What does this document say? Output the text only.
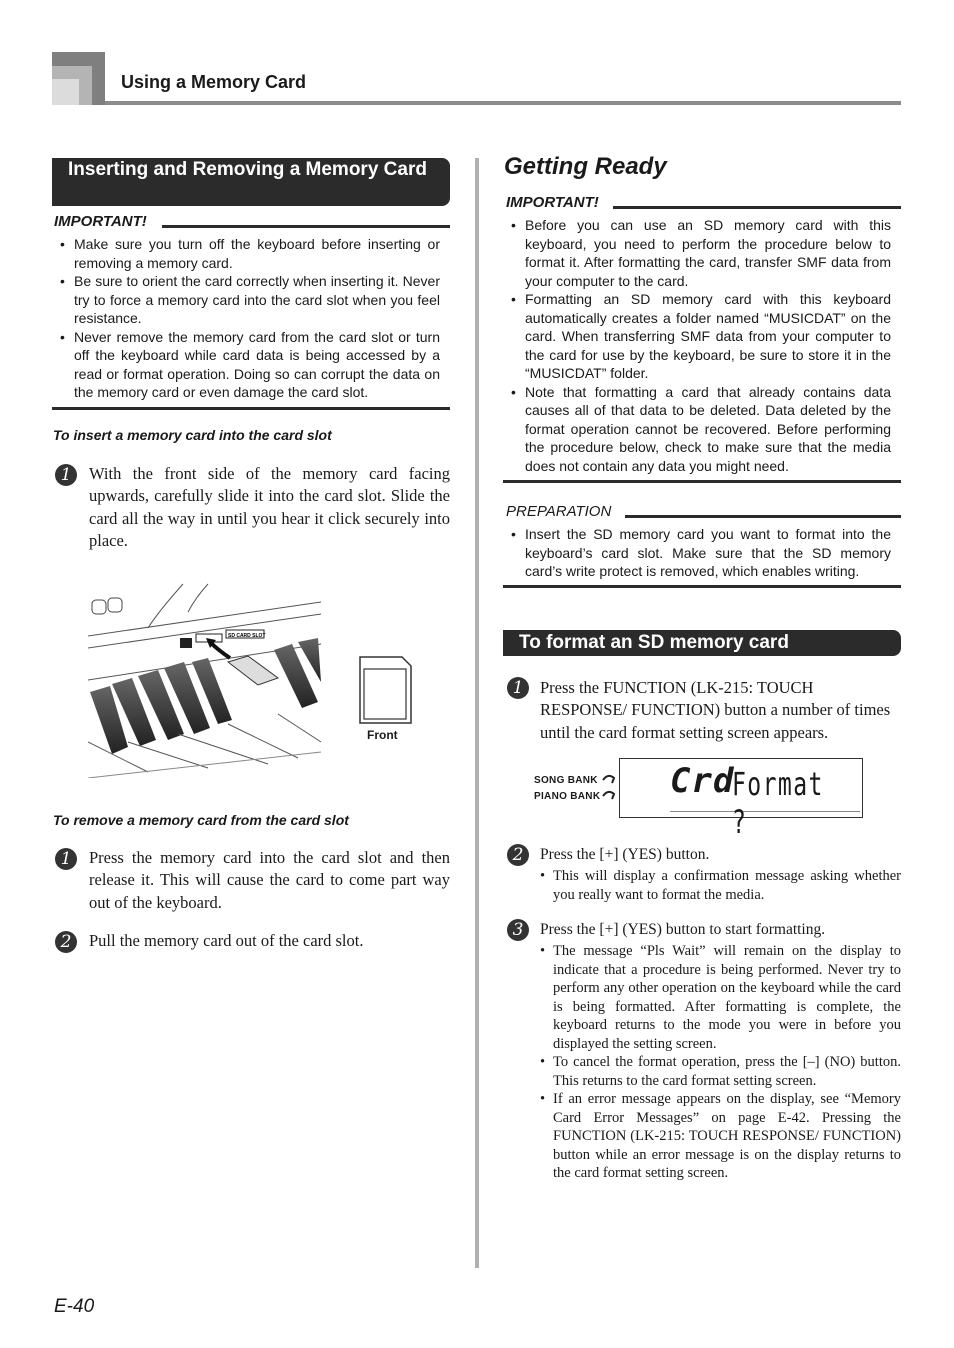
Using a Memory Card
Inserting and Removing a Memory Card
IMPORTANT!
• Make sure you turn off the keyboard before inserting or removing a memory card.
• Be sure to orient the card correctly when inserting it. Never try to force a memory card into the card slot when you feel resistance.
• Never remove the memory card from the card slot or turn off the keyboard while card data is being accessed by a read or format operation. Doing so can corrupt the data on the memory card or even damage the card slot.
To insert a memory card into the card slot
1	With the front side of the memory card facing upwards, carefully slide it into the card slot. Slide the card all the way in until you hear it click securely into place.
SD CARD SLOT
Front
To remove a memory card from the card slot
1	Press the memory card into the card slot and then release it. This will cause the card to come part way out of the keyboard.
2	Pull the memory card out of the card slot.
Getting Ready
IMPORTANT!
• Before you can use an SD memory card with this keyboard, you need to perform the procedure below to format it. After formatting the card, transfer SMF data from your computer to the card.
• Formatting an SD memory card with this keyboard automatically creates a folder named “MUSICDAT” on the card. When transferring SMF data from your computer to the card for use by the keyboard, be sure to store it in the “MUSICDAT” folder.
• Note that formatting a card that already contains data causes all of that data to be deleted. Data deleted by the format operation cannot be recovered. Before performing the procedure below, check to make sure that the media does not contain any data you might need.
PREPARATION
• Insert the SD memory card you want to format into the keyboard’s card slot. Make sure that the SD memory card’s write protect is removed, which enables writing.
To format an SD memory card
1	Press the FUNCTION (LK-215: TOUCH RESPONSE/ FUNCTION) button a number of times until the card format setting screen appears.
SONG BANK
PIANO BANK Crd
Format ?
2	Press the [+] (YES) button.
• This will display a confirmation message asking whether you really want to format the media.
3	Press the [+] (YES) button to start formatting.
• The message “Pls Wait” will remain on the display to indicate that a procedure is being performed. Never try to perform any other operation on the keyboard while the card is being formatted. After formatting is complete, the keyboard returns to the mode you were in before you displayed the setting screen.
• To cancel the format operation, press the [–] (NO) button. This returns to the card format setting screen.
• If an error message appears on the display, see “Memory Card Error Messages” on page E-42. Pressing the FUNCTION (LK-215: TOUCH RESPONSE/ FUNCTION) button while an error message is on the display returns to the card format setting screen.
E-40
